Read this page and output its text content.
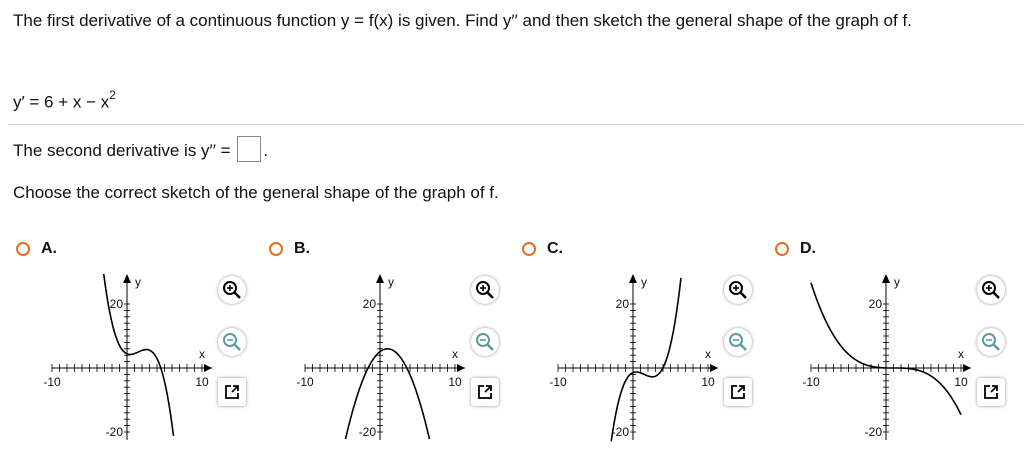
The first derivative of a continuous function y = f(x) is given. Find y′′ and then sketch the general shape of the graph of f.
$y' = 6 + x - x^2$
The second derivative is y′′ = .
Choose the correct sketch of the general shape of the graph of f.
A.
y
20
-20
x
-10	10
B.
y
20
-20
x
-10	10
C.
y
20
-20
x
-10	10
D.
y
20
-20
x
-10	10
